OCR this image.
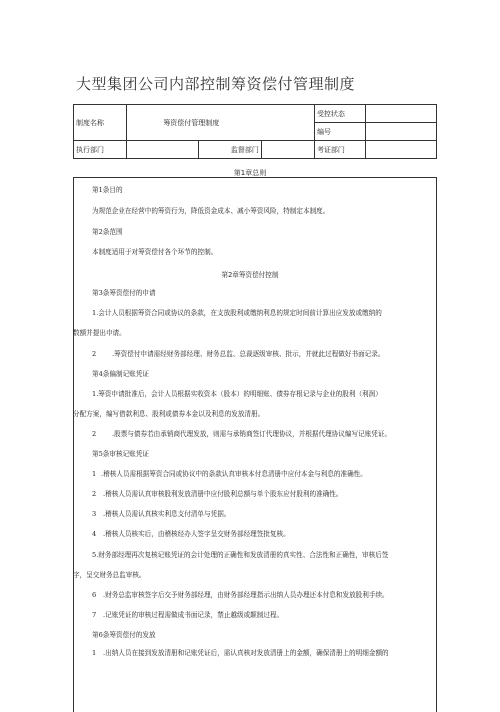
大型集团公司内部控制筹资偿付管理制度
制度名称	筹资偿付管理制度			受控状态	
				编号	
执行部门		监督部门		考证部门	
第1章总则
第1条目的
为规范企业在经营中的筹资行为，降低资金成本、减小筹资风险，特制定本制度。
第2条范围
本制度适用于对筹资偿付各个环节的控制。
第2章筹资偿付控制
第3条筹资偿付的申请
1.会计人员根据筹资合同或协议的条款，在支放股利或缴纳利息的规定时间前计算出应发放或缴纳的
数额并提出申请。
2 .筹资偿付申请需经财务部经理、财务总监、总裁逐级审核、批示，并就此过程做好书面记录。
第4条偏制记账凭证
1.筹资申请批准后，会计人员根据实收资本（股本）的明细账、债券存根记录与企业的股利（利润）
分配方案，编写借款利息、股利或债券本金以及利息的发放清册。
2 .股票与债券若由承销商代理发放，则需与承销商签订代理协议，并根据代理协议编写记账凭证。
第5条审核记账凭证
1 .稽核人员需根据筹资合同或协议中的条款认真审核本付息清册中应付本金与利息的准确性。
2 .稽核人员需认真审核股利发放清册中应付股利总额与单个股东应付股利的准确性。
3 .稽核人员需认真核实利息支付清单与凭据。
4 .稽核人员核实后，由稽核经办人签字呈交财务部经理签批复核。
5.财务部经理再次复核记账凭证的会计处理的正确性和发放清册的真实性、合法性和正确性，审核后签
字，呈交财务总监审核。
6 .财务总监审核签字后交予财务部经理，由财务部经理指示出纳人员办理还本付息和发放股利手续。
7 .记账凭证的审核过程需做成书面记录，禁止越级或颠制过程。
第6条筹资偿付的发放
1 .出纳人员在接到发放清册和记账凭证后，需认真核对发放清册上的金额，确保清册上的明细金额的
